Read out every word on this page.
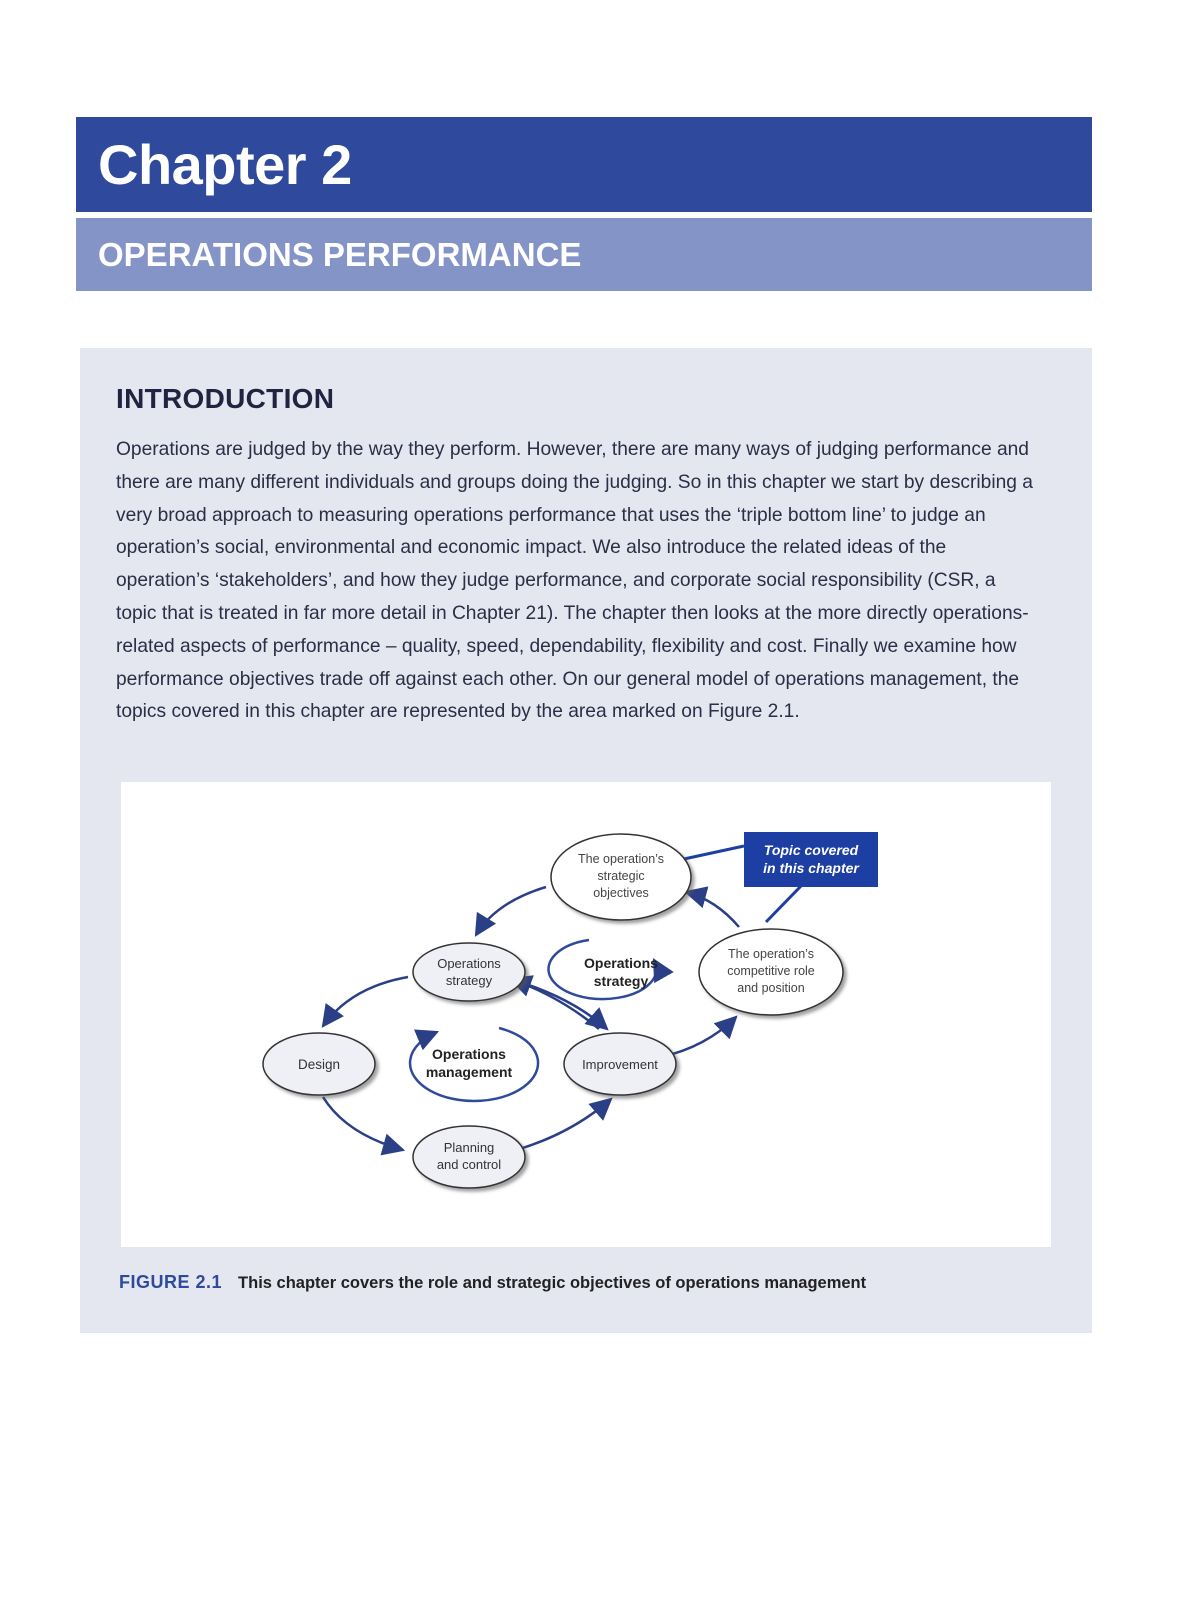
Chapter 2
OPERATIONS PERFORMANCE
INTRODUCTION

Operations are judged by the way they perform. However, there are many ways of judging performance and there are many different individuals and groups doing the judging. So in this chapter we start by describing a very broad approach to measuring operations performance that uses the ‘triple bottom line’ to judge an operation’s social, environmental and economic impact. We also introduce the related ideas of the operation’s ‘stakeholders’, and how they judge performance, and corporate social responsibility (CSR, a topic that is treated in far more detail in Chapter 21). The chapter then looks at the more directly operations-related aspects of performance – quality, speed, dependability, flexibility and cost. Finally we examine how performance objectives trade off against each other. On our general model of operations management, the topics covered in this chapter are represented by the area marked on Figure 2.1.

Topic covered
in this chapter
The operation’s
strategic
objectives
The operation’s
competitive role
and position
Operations
strategy
Design	Improvement
Planning
and control
Operations
strategy
Operations
management

FIGURE 2.1 This chapter covers the role and strategic objectives of operations management
